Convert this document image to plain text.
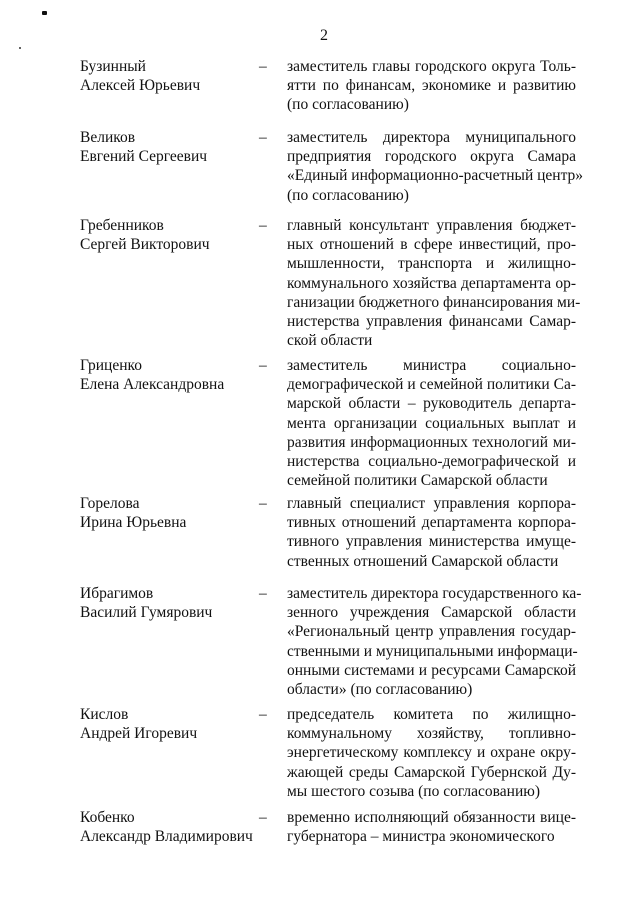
2
Бузинный
Алексей Юрьевич
– заместитель главы городского округа Толь-
ятти по финансам, экономике и развитию
(по согласованию)
Великов
Евгений Сергеевич
– заместитель директора муниципального
предприятия городского округа Самара
«Единый информационно-расчетный центр»
(по согласованию)
Гребенников
Сергей Викторович
– главный консультант управления бюджет-
ных отношений в сфере инвестиций, про-
мышленности, транспорта и жилищно-
коммунального хозяйства департамента ор-
ганизации бюджетного финансирования ми-
нистерства управления финансами Самар-
ской области
Гриценко
Елена Александровна
– заместитель министра социально-
демографической и семейной политики Са-
марской области – руководитель департа-
мента организации социальных выплат и
развития информационных технологий ми-
нистерства социально-демографической и
семейной политики Самарской области
Горелова
Ирина Юрьевна
– главный специалист управления корпора-
тивных отношений департамента корпора-
тивного управления министерства имуще-
ственных отношений Самарской области
Ибрагимов
Василий Гумярович
– заместитель директора государственного ка-
зенного учреждения Самарской области
«Региональный центр управления государ-
ственными и муниципальными информаци-
онными системами и ресурсами Самарской
области» (по согласованию)
Кислов
Андрей Игоревич
– председатель комитета по жилищно-
коммунальному хозяйству, топливно-
энергетическому комплексу и охране окру-
жающей среды Самарской Губернской Ду-
мы шестого созыва (по согласованию)
Кобенко
Александр Владимирович
– временно исполняющий обязанности вице-
губернатора – министра экономического
